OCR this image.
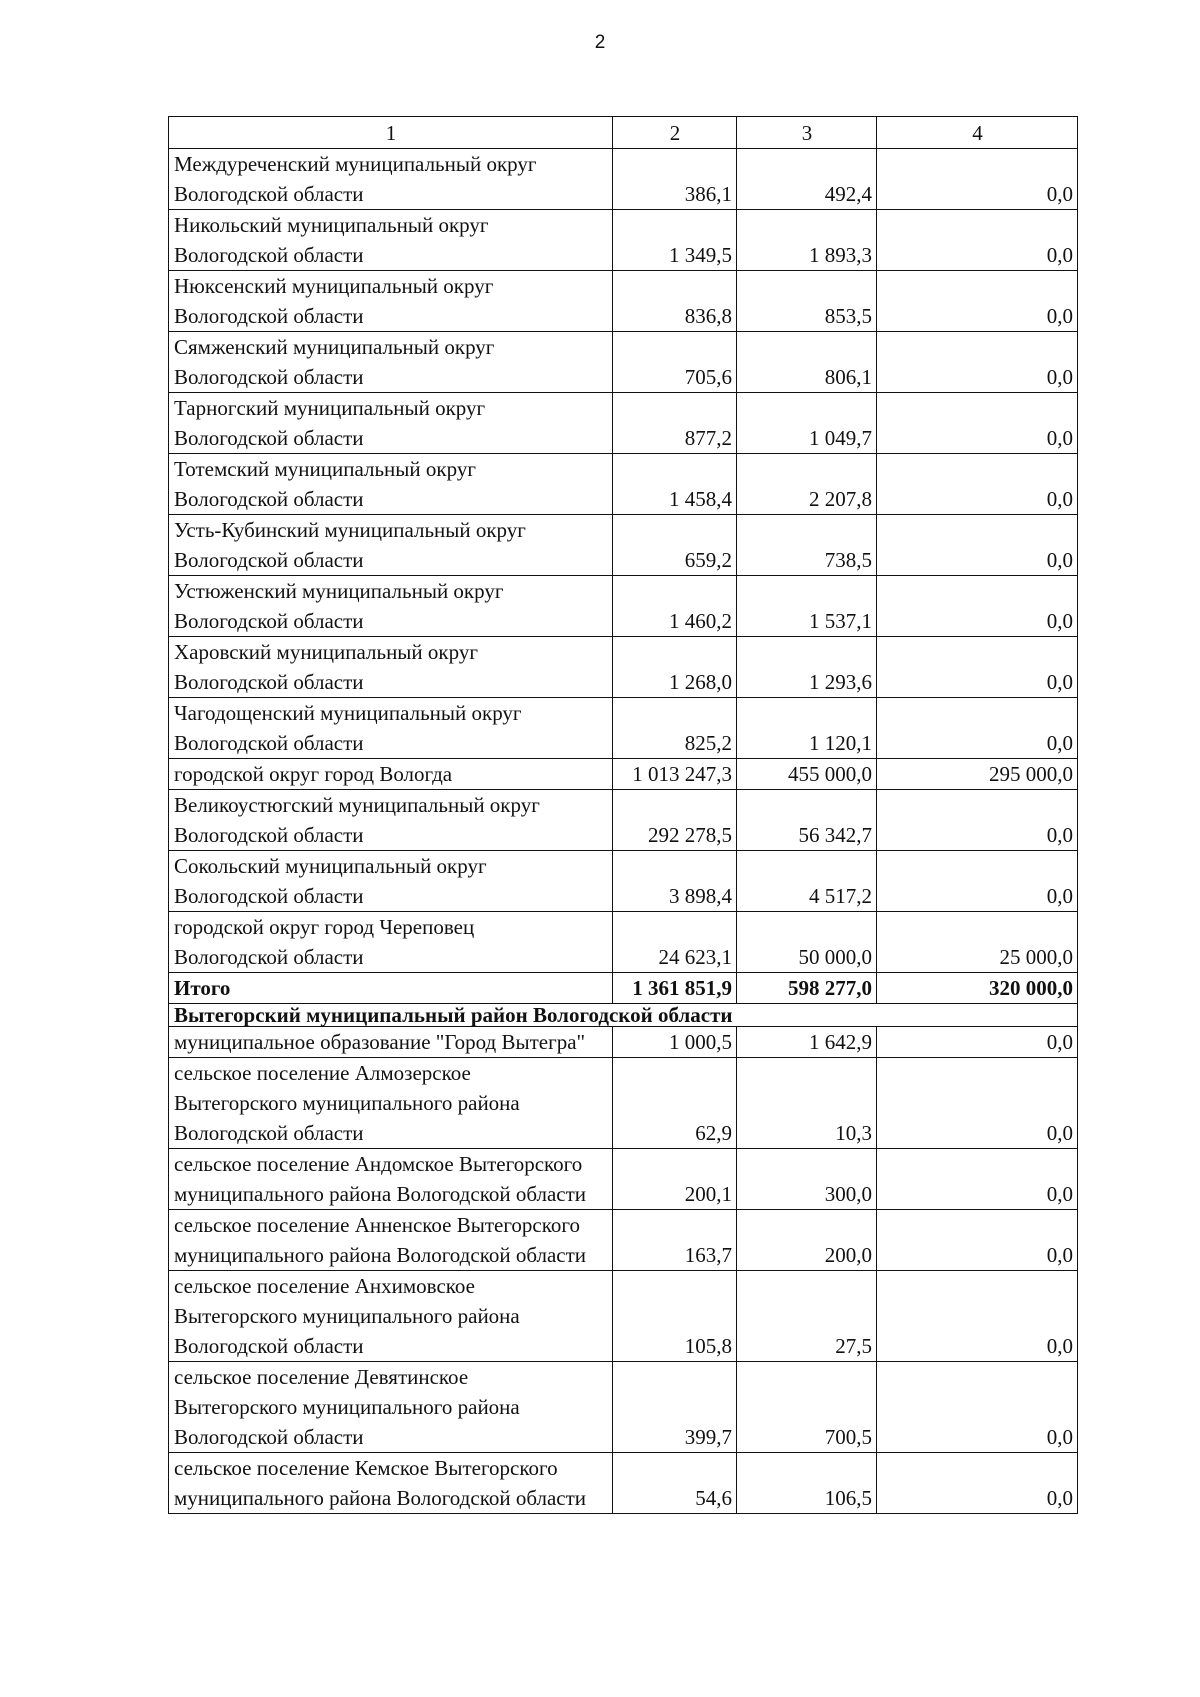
2
1	2	3	4

Междуреченский муниципальный округ
Вологодской области	386,1	492,4	0,0

Никольский муниципальный округ
Вологодской области	1 349,5	1 893,3	0,0

Нюксенский муниципальный округ
Вологодской области	836,8	853,5	0,0

Сямженский муниципальный округ
Вологодской области	705,6	806,1	0,0

Тарногский муниципальный округ
Вологодской области	877,2	1 049,7	0,0

Тотемский муниципальный округ
Вологодской области	1 458,4	2 207,8	0,0

Усть-Кубинский муниципальный округ
Вологодской области	659,2	738,5	0,0

Устюженский муниципальный округ
Вологодской области	1 460,2	1 537,1	0,0

Харовский муниципальный округ
Вологодской области	1 268,0	1 293,6	0,0

Чагодощенский муниципальный округ
Вологодской области	825,2	1 120,1	0,0

городской округ город Вологда	1 013 247,3	455 000,0	295 000,0

Великоустюгский муниципальный округ
Вологодской области	292 278,5	56 342,7	0,0

Сокольский муниципальный округ
Вологодской области	3 898,4	4 517,2	0,0

городской округ город Череповец
Вологодской области	24 623,1	50 000,0	25 000,0

Итого	1 361 851,9	598 277,0	320 000,0
Вытегорский муниципальный район Вологодской области			

муниципальное образование "Город Вытегра"	1 000,5	1 642,9	0,0

сельское поселение Алмозерское
Вытегорского муниципального района
Вологодской области	62,9	10,3	0,0

сельское поселение Андомское Вытегорского
муниципального района Вологодской области	200,1	300,0	0,0

сельское поселение Анненское Вытегорского
муниципального района Вологодской области	163,7	200,0	0,0

сельское поселение Анхимовское
Вытегорского муниципального района
Вологодской области	105,8	27,5	0,0

сельское поселение Девятинское
Вытегорского муниципального района
Вологодской области	399,7	700,5	0,0

сельское поселение Кемское Вытегорского
муниципального района Вологодской области	54,6	106,5	0,0
